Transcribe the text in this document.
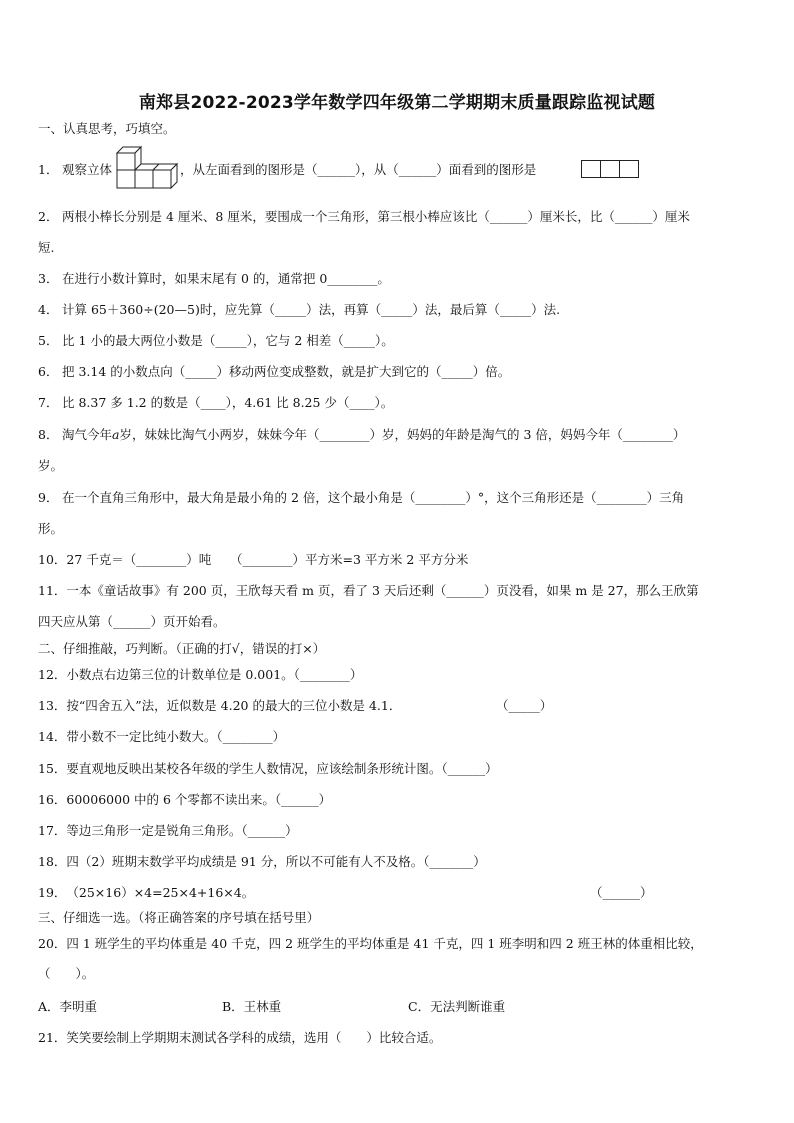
南郑县2022-2023学年数学四年级第二学期期末质量跟踪监视试题
一、认真思考，巧填空。
1． 观察立体	，从左面看到的图形是（______），从（______）面看到的图形是
2． 两根小棒长分别是 4 厘米、8 厘米，要围成一个三角形，第三根小棒应该比（______）厘米长，比（______）厘米
短.
3． 在进行小数计算时，如果末尾有 0 的，通常把 0________。
4． 计算 65＋360÷(20—5)时，应先算（_____）法，再算（_____）法，最后算（_____）法.
5． 比 1 小的最大两位小数是（_____），它与 2 相差（_____）。
6． 把 3.14 的小数点向（_____）移动两位变成整数，就是扩大到它的（_____）倍。
7． 比 8.37 多 1.2 的数是（____），4.61 比 8.25 少（____）。
8． 淘气今年a岁，妹妹比淘气小两岁，妹妹今年（________）岁，妈妈的年龄是淘气的 3 倍，妈妈今年（________）
岁。
9． 在一个直角三角形中，最大角是最小角的 2 倍，这个最小角是（________）°，这个三角形还是（________）三角
形。
10．27 千克＝（________）吨　　（________）平方米=3 平方米 2 平方分米
11．一本《童话故事》有 200 页，王欣每天看 m 页，看了 3 天后还剩（______）页没看，如果 m 是 27，那么王欣第
四天应从第（______）页开始看。
二、仔细推敲，巧判断。（正确的打√，错误的打×）
12．小数点右边第三位的计数单位是 0.001。（________）
13．按“四舍五入”法，近似数是 4.20 的最大的三位小数是 4.1．	（_____）
14．带小数不一定比纯小数大。（________）
15．要直观地反映出某校各年级的学生人数情况，应该绘制条形统计图。（______）
16．60006000 中的 6 个零都不读出来。（______）
17．等边三角形一定是锐角三角形。（______）
18．四（2）班期末数学平均成绩是 91 分，所以不可能有人不及格。（_______）
19．（25×16）×4=25×4+16×4。	（______）
三、仔细选一选。（将正确答案的序号填在括号里）
20．四 1 班学生的平均体重是 40 千克，四 2 班学生的平均体重是 41 千克，四 1 班李明和四 2 班王林的体重相比较，
（　　）。
A．李明重	B．王林重	C．无法判断谁重
21．笑笑要绘制上学期期末测试各学科的成绩，选用（　　）比较合适。
